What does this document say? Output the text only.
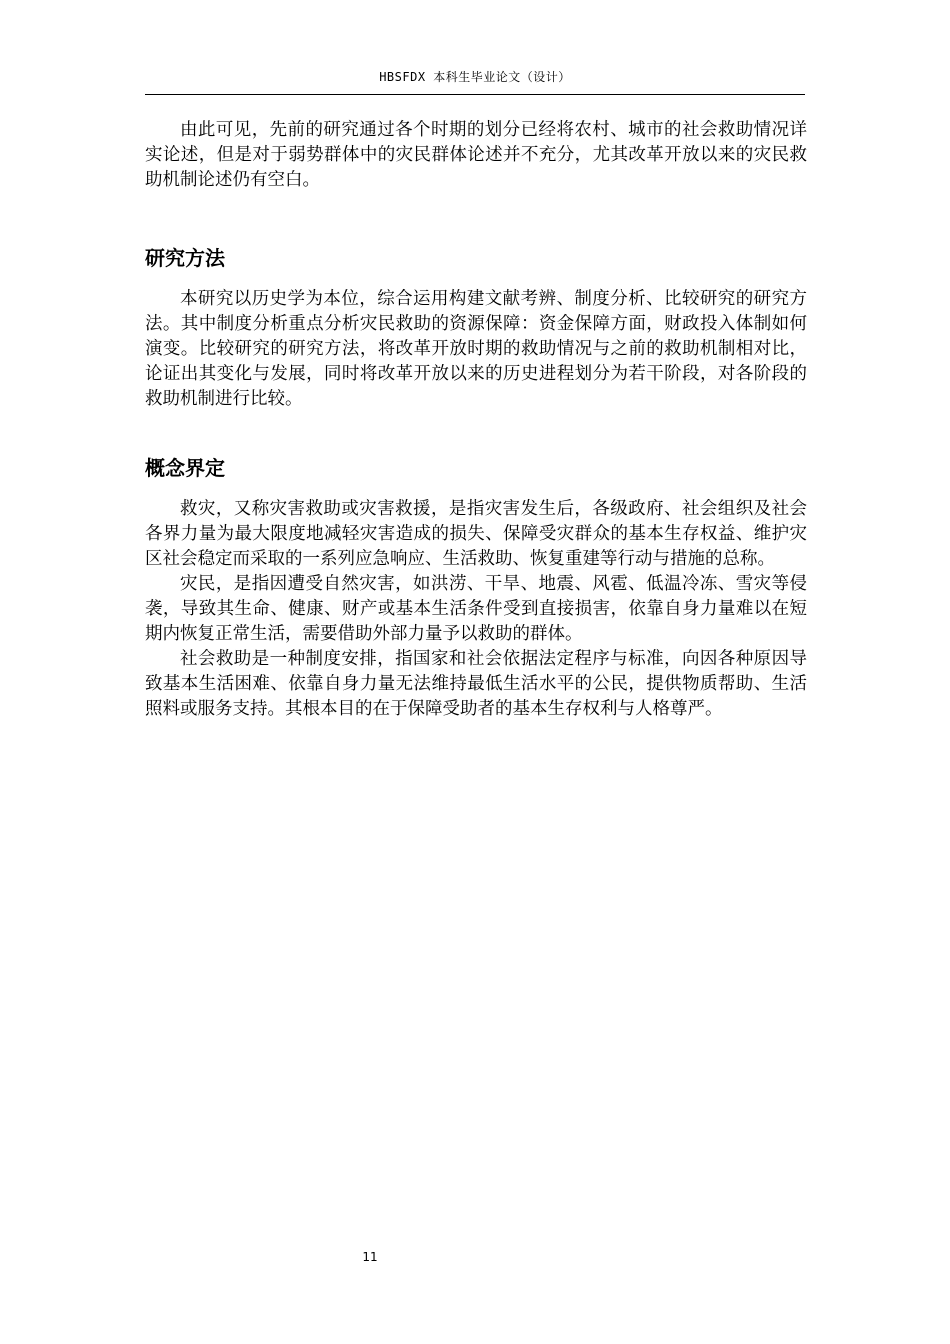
HBSFDX 本科生毕业论文（设计）

由此可见，先前的研究通过各个时期的划分已经将农村、城市的社会救助情况详实论述，但是对于弱势群体中的灾民群体论述并不充分，尤其改革开放以来的灾民救助机制论述仍有空白。

研究方法

本研究以历史学为本位，综合运用构建文献考辨、制度分析、比较研究的研究方法。其中制度分析重点分析灾民救助的资源保障：资金保障方面，财政投入体制如何演变。比较研究的研究方法，将改革开放时期的救助情况与之前的救助机制相对比，论证出其变化与发展，同时将改革开放以来的历史进程划分为若干阶段，对各阶段的救助机制进行比较。

概念界定

救灾，又称灾害救助或灾害救援，是指灾害发生后，各级政府、社会组织及社会各界力量为最大限度地减轻灾害造成的损失、保障受灾群众的基本生存权益、维护灾区社会稳定而采取的一系列应急响应、生活救助、恢复重建等行动与措施的总称。

灾民，是指因遭受自然灾害，如洪涝、干旱、地震、风雹、低温冷冻、雪灾等侵袭，导致其生命、健康、财产或基本生活条件受到直接损害，依靠自身力量难以在短期内恢复正常生活，需要借助外部力量予以救助的群体。

社会救助是一种制度安排，指国家和社会依据法定程序与标准，向因各种原因导致基本生活困难、依靠自身力量无法维持最低生活水平的公民，提供物质帮助、生活照料或服务支持。其根本目的在于保障受助者的基本生存权利与人格尊严。

11
